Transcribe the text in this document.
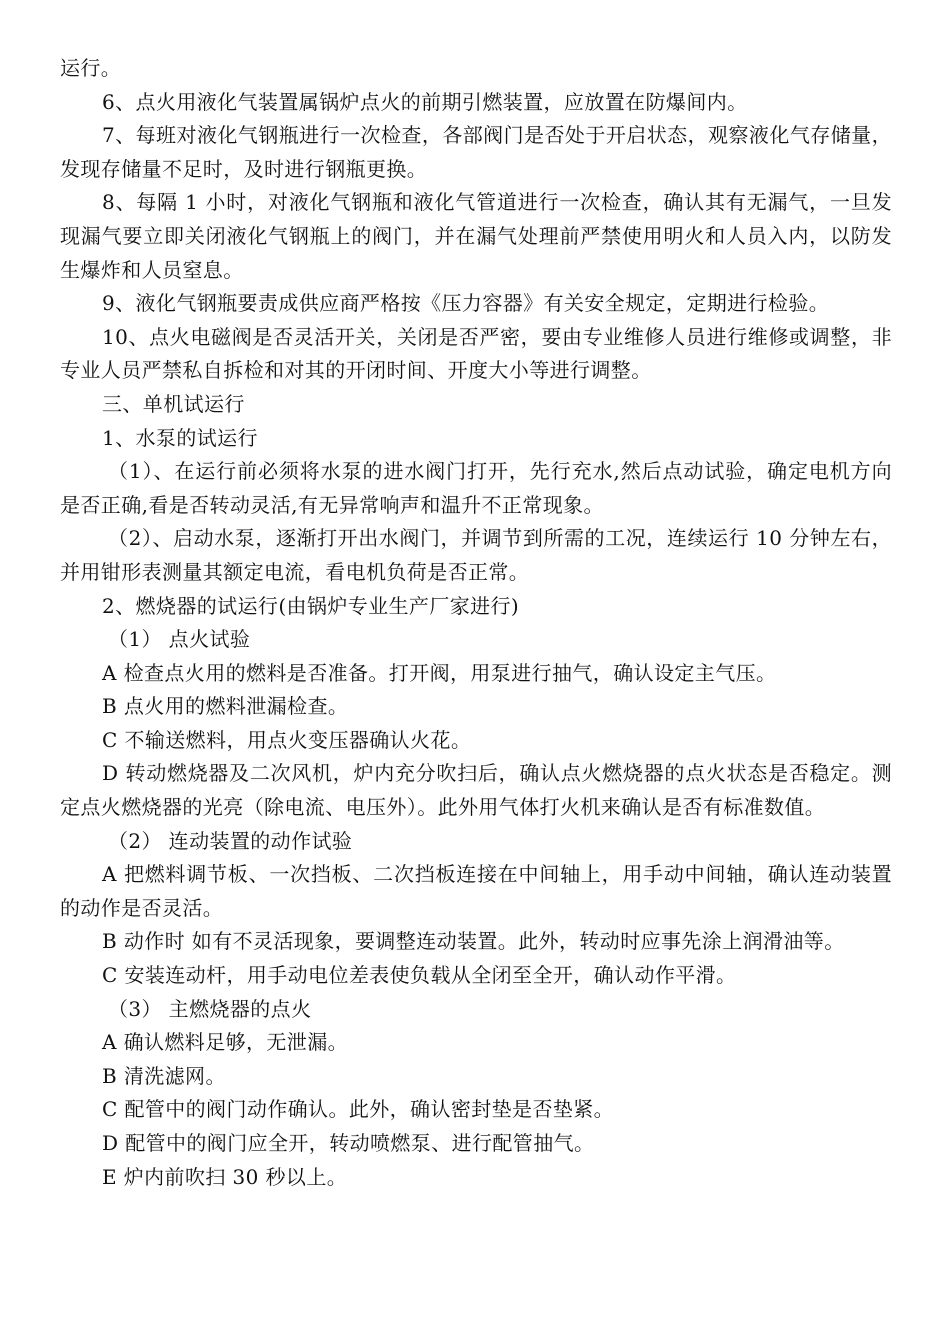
运行。

6、点火用液化气装置属锅炉点火的前期引燃装置，应放置在防爆间内。

7、每班对液化气钢瓶进行一次检查，各部阀门是否处于开启状态，观察液化气存储量，发现存储量不足时，及时进行钢瓶更换。

8、每隔 1 小时，对液化气钢瓶和液化气管道进行一次检查，确认其有无漏气，一旦发现漏气要立即关闭液化气钢瓶上的阀门，并在漏气处理前严禁使用明火和人员入内，以防发生爆炸和人员窒息。

9、液化气钢瓶要责成供应商严格按《压力容器》有关安全规定，定期进行检验。

10、点火电磁阀是否灵活开关，关闭是否严密，要由专业维修人员进行维修或调整，非专业人员严禁私自拆检和对其的开闭时间、开度大小等进行调整。

三、单机试运行

1、水泵的试运行

（1）、在运行前必须将水泵的进水阀门打开，先行充水,然后点动试验，确定电机方向是否正确,看是否转动灵活,有无异常响声和温升不正常现象。

（2）、启动水泵，逐渐打开出水阀门，并调节到所需的工况，连续运行 10 分钟左右，并用钳形表测量其额定电流，看电机负荷是否正常。

2、燃烧器的试运行(由锅炉专业生产厂家进行)

（1） 点火试验

A 检查点火用的燃料是否准备。打开阀，用泵进行抽气，确认设定主气压。

B 点火用的燃料泄漏检查。

C 不输送燃料，用点火变压器确认火花。

D 转动燃烧器及二次风机，炉内充分吹扫后，确认点火燃烧器的点火状态是否稳定。测定点火燃烧器的光亮（除电流、电压外）。此外用气体打火机来确认是否有标准数值。

（2） 连动装置的动作试验

A 把燃料调节板、一次挡板、二次挡板连接在中间轴上，用手动中间轴，确认连动装置的动作是否灵活。

B 动作时 如有不灵活现象，要调整连动装置。此外，转动时应事先涂上润滑油等。

C 安装连动杆，用手动电位差表使负载从全闭至全开，确认动作平滑。

（3） 主燃烧器的点火

A 确认燃料足够，无泄漏。

B 清洗滤网。

C 配管中的阀门动作确认。此外，确认密封垫是否垫紧。

D 配管中的阀门应全开，转动喷燃泵、进行配管抽气。

E 炉内前吹扫 30 秒以上。
